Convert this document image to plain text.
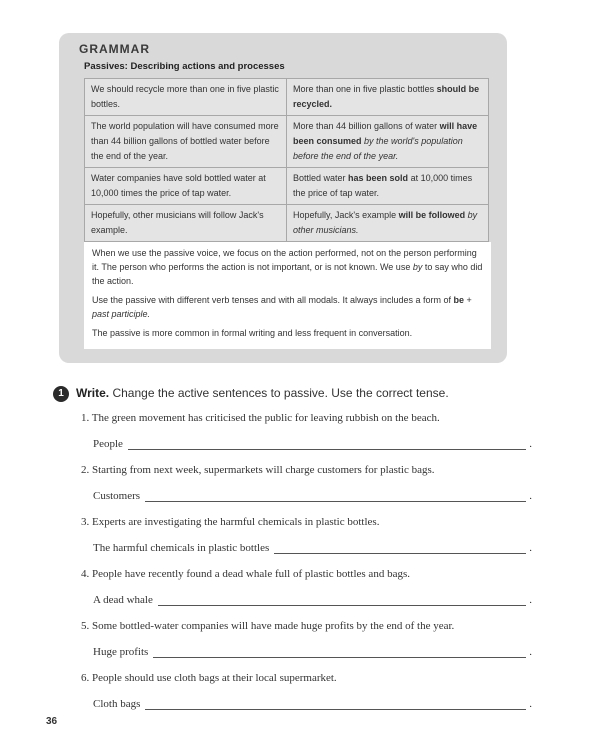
GRAMMAR
Passives: Describing actions and processes
We should recycle more than one in five plastic bottles.	More than one in five plastic bottles should be recycled.
The world population will have consumed more than 44 billion gallons of bottled water before the end of the year.	More than 44 billion gallons of water will have been consumed by the world's population before the end of the year.
Water companies have sold bottled water at 10,000 times the price of tap water.	Bottled water has been sold at 10,000 times the price of tap water.
Hopefully, other musicians will follow Jack's example.	Hopefully, Jack's example will be followed by other musicians.

When we use the passive voice, we focus on the action performed, not on the person performing it. The person who performs the action is not important, or is not known. We use by to say who did the action.

Use the passive with different verb tenses and with all modals. It always includes a form of be + past participle.

The passive is more common in formal writing and less frequent in conversation.

1	Write. Change the active sentences to passive. Use the correct tense.
1. The green movement has criticised the public for leaving rubbish on the beach.
People	.
2. Starting from next week, supermarkets will charge customers for plastic bags.
Customers	.
3. Experts are investigating the harmful chemicals in plastic bottles.
The harmful chemicals in plastic bottles	.
4. People have recently found a dead whale full of plastic bottles and bags.
A dead whale	.
5. Some bottled-water companies will have made huge profits by the end of the year.
Huge profits	.
6. People should use cloth bags at their local supermarket.
Cloth bags	.
36
